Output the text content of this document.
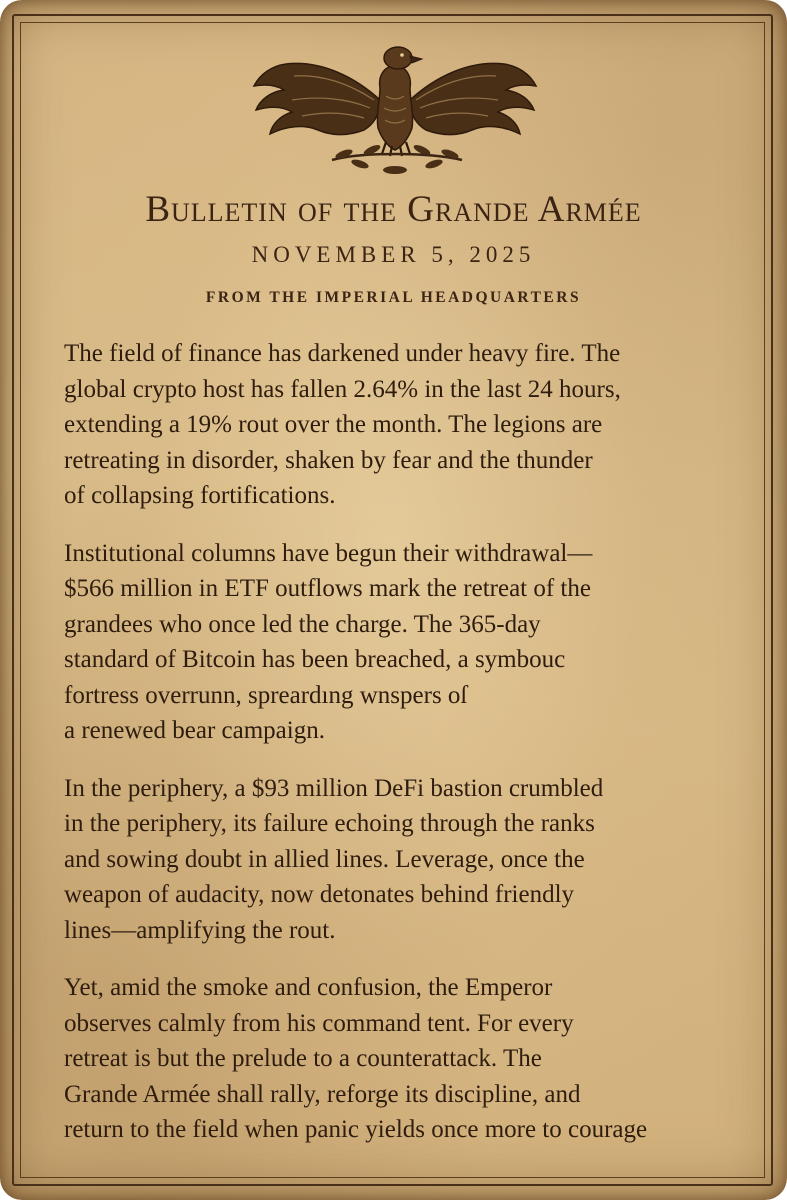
Bulletin of the Grande Armée
NOVEMBER 5, 2025
FROM THE IMPERIAL HEADQUARTERS

The field of finance has darkened under heavy fire. The
global crypto host has fallen 2.64% in the last 24 hours,
extending a 19% rout over the month. The legions are
retreating in disorder, shaken by fear and the thunder
of collapsing fortifications.

Institutional columns have begun their withdrawal—
$566 million in ETF outflows mark the retreat of the
grandees who once led the charge. The 365-day
standard of Bitcoin has been breached, a symbouc
fortress overrunn, spreardıng wnspers oſ
a renewed bear campaign.

In the periphery, a $93 million DeFi bastion crumbled
in the periphery, its failure echoing through the ranks
and sowing doubt in allied lines. Leverage, once the
weapon of audacity, now detonates behind friendly
lines—amplifying the rout.

Yet, amid the smoke and confusion, the Emperor
observes calmly from his command tent. For every
retreat is but the prelude to a counterattack. The
Grande Armée shall rally, reforge its discipline, and
return to the field when panic yields once more to courage
